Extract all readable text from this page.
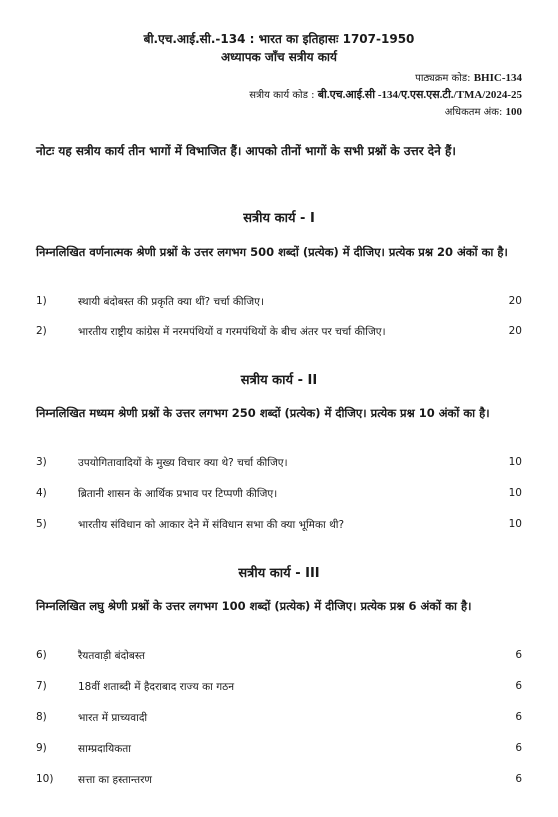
बी.एच.आई.सी.-134 : भारत का इतिहासः 1707-1950
अध्यापक जाँच सत्रीय कार्य
पाठ्यक्रम कोड: BHIC-134
सत्रीय कार्य कोड : बी.एच.आई.सी -134/ए.एस.एस.टी./TMA/2024-25
अधिकतम अंक: 100
नोटः यह सत्रीय कार्य तीन भागों में विभाजित हैं। आपको तीनों भागों के सभी प्रश्नों के उत्तर देने हैं।
सत्रीय कार्य - I
निम्नलिखित वर्णनात्मक श्रेणी प्रश्नों के उत्तर लगभग 500 शब्दों (प्रत्येक) में दीजिए। प्रत्येक प्रश्न 20 अंकों का है।
1)	स्थायी बंदोबस्त की प्रकृति क्या थीं? चर्चा कीजिए।	20
2)	भारतीय राष्ट्रीय कांग्रेस में नरमपंथियों व गरमपंथियों के बीच अंतर पर चर्चा कीजिए।	20
सत्रीय कार्य - II
निम्नलिखित मध्यम श्रेणी प्रश्नों के उत्तर लगभग 250 शब्दों (प्रत्येक) में दीजिए। प्रत्येक प्रश्न 10 अंकों का है।
3)	उपयोगितावादियों के मुख्य विचार क्या थे? चर्चा कीजिए।	10
4)	ब्रितानी शासन के आर्थिक प्रभाव पर टिप्पणी कीजिए।	10
5)	भारतीय संविधान को आकार देने में संविधान सभा की क्या भूमिका थी?	10
सत्रीय कार्य - III
निम्नलिखित लघु श्रेणी प्रश्नों के उत्तर लगभग 100 शब्दों (प्रत्येक) में दीजिए। प्रत्येक प्रश्न 6 अंकों का है।
6)	रैयतवाड़ी बंदोबस्त	6
7)	18वीं शताब्दी में हैदराबाद राज्य का गठन	6
8)	भारत में प्राच्यवादी	6
9)	साम्प्रदायिकता	6
10) सत्ता का हस्तान्तरण	6
